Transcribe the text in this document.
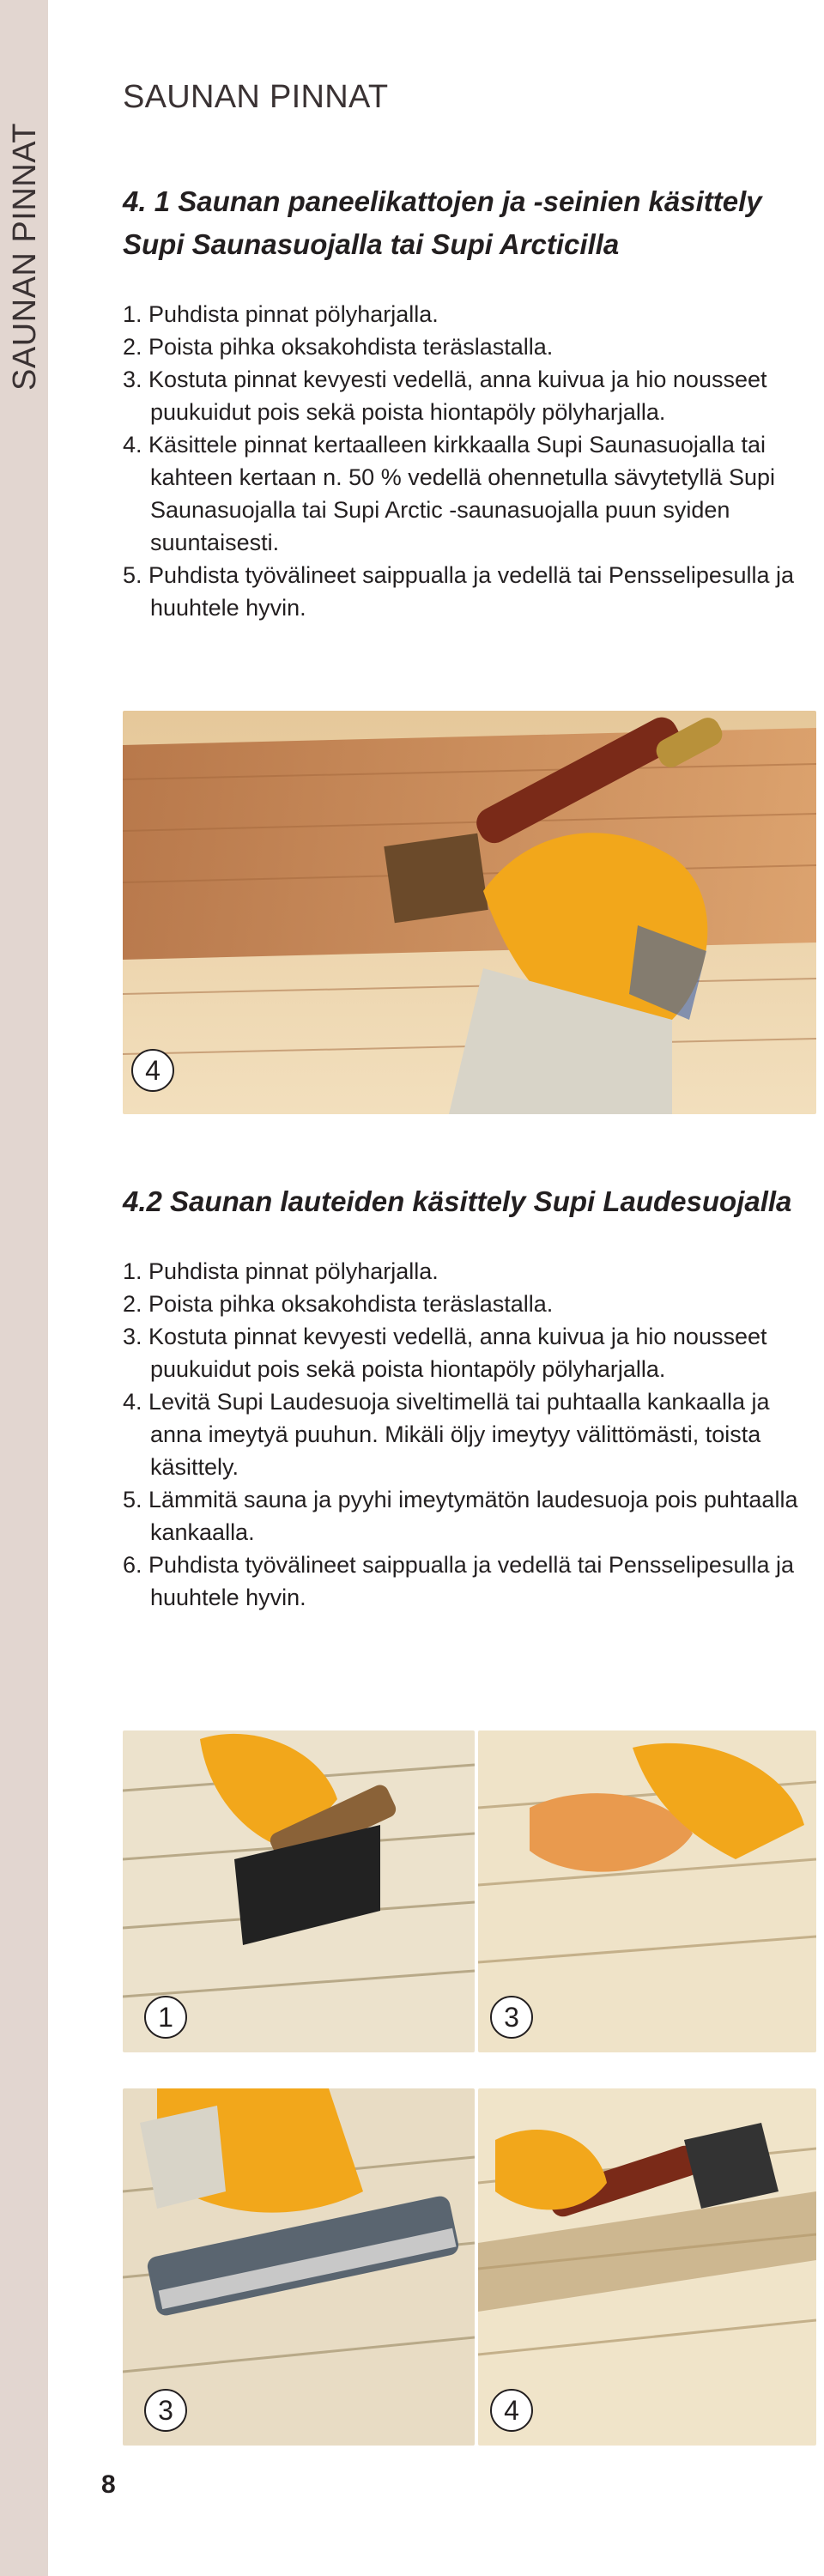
SAUNAN PINNAT
SAUNAN PINNAT
4. 1 Saunan paneelikattojen ja -seinien käsittely Supi Saunasuojalla tai Supi Arcticilla
1. Puhdista pinnat pölyharjalla.
2. Poista pihka oksakohdista teräslastalla.
3. Kostuta pinnat kevyesti vedellä, anna kuivua ja hio nousseet puukuidut pois sekä poista hiontapöly pölyharjalla.
4. Käsittele pinnat kertaalleen kirkkaalla Supi Saunasuojalla tai kahteen kertaan n. 50 % vedellä ohennetulla sävytetyllä Supi Saunasuojalla tai Supi Arctic -saunasuojalla puun syiden suuntaisesti.
5. Puhdista työvälineet saippualla ja vedellä tai Pensselipesulla ja huuhtele hyvin.
4
4.2 Saunan lauteiden käsittely Supi Laudesuojalla
1. Puhdista pinnat pölyharjalla.
2. Poista pihka oksakohdista teräslastalla.
3. Kostuta pinnat kevyesti vedellä, anna kuivua ja hio nousseet puukuidut pois sekä poista hiontapöly pölyharjalla.
4. Levitä Supi Laudesuoja siveltimellä tai puhtaalla kankaalla ja anna imeytyä puuhun. Mikäli öljy imeytyy välittömästi, toista käsittely.
5. Lämmitä sauna ja pyyhi imeytymätön laudesuoja pois puhtaalla kankaalla.
6. Puhdista työvälineet saippualla ja vedellä tai Pensselipesulla ja huuhtele hyvin.
1	3
3	4
8
